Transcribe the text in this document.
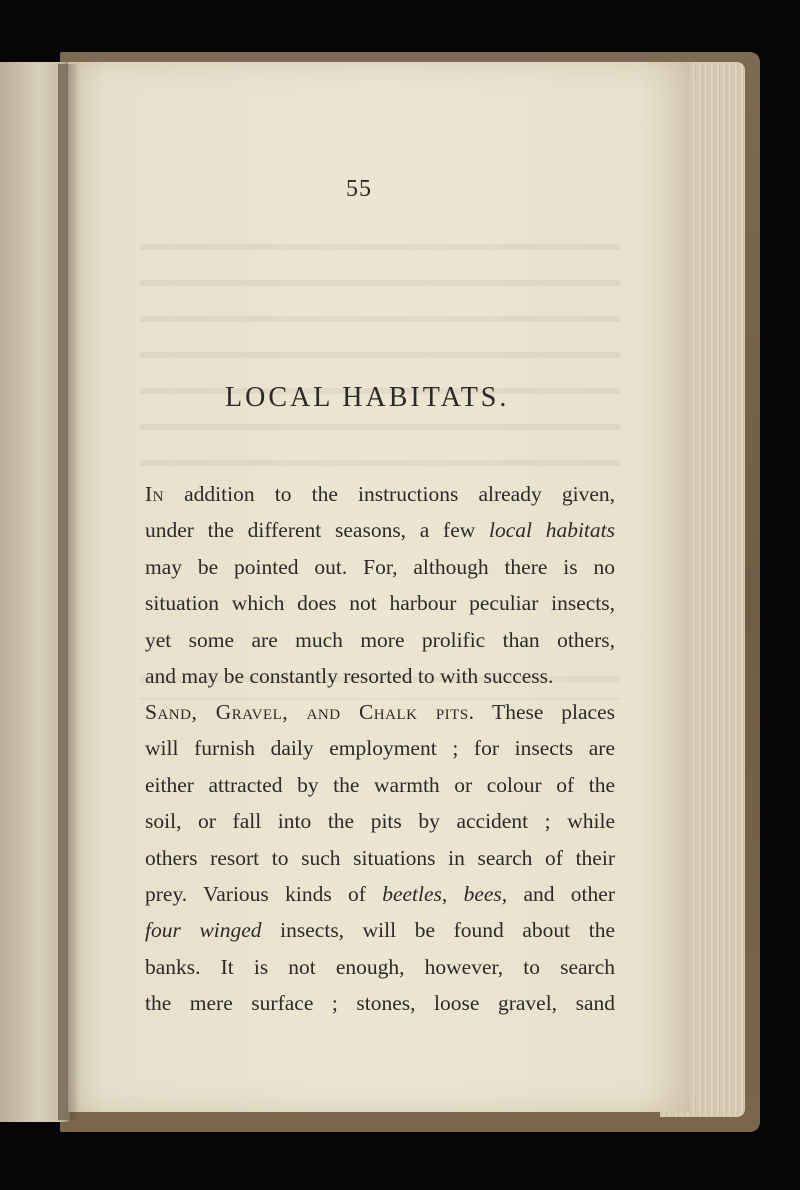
55
LOCAL HABITATS.

In addition to the instructions already given,
under the different seasons, a few local habitats
may be pointed out. For, although there is no
situation which does not harbour peculiar insects,
yet some are much more prolific than others,
and may be constantly resorted to with success.

Sand, Gravel, and Chalk pits. These places
will furnish daily employment ; for insects are
either attracted by the warmth or colour of the
soil, or fall into the pits by accident ; while
others resort to such situations in search of their
prey. Various kinds of beetles, bees, and other
four winged insects, will be found about the
banks. It is not enough, however, to search
the mere surface ; stones, loose gravel, sand
